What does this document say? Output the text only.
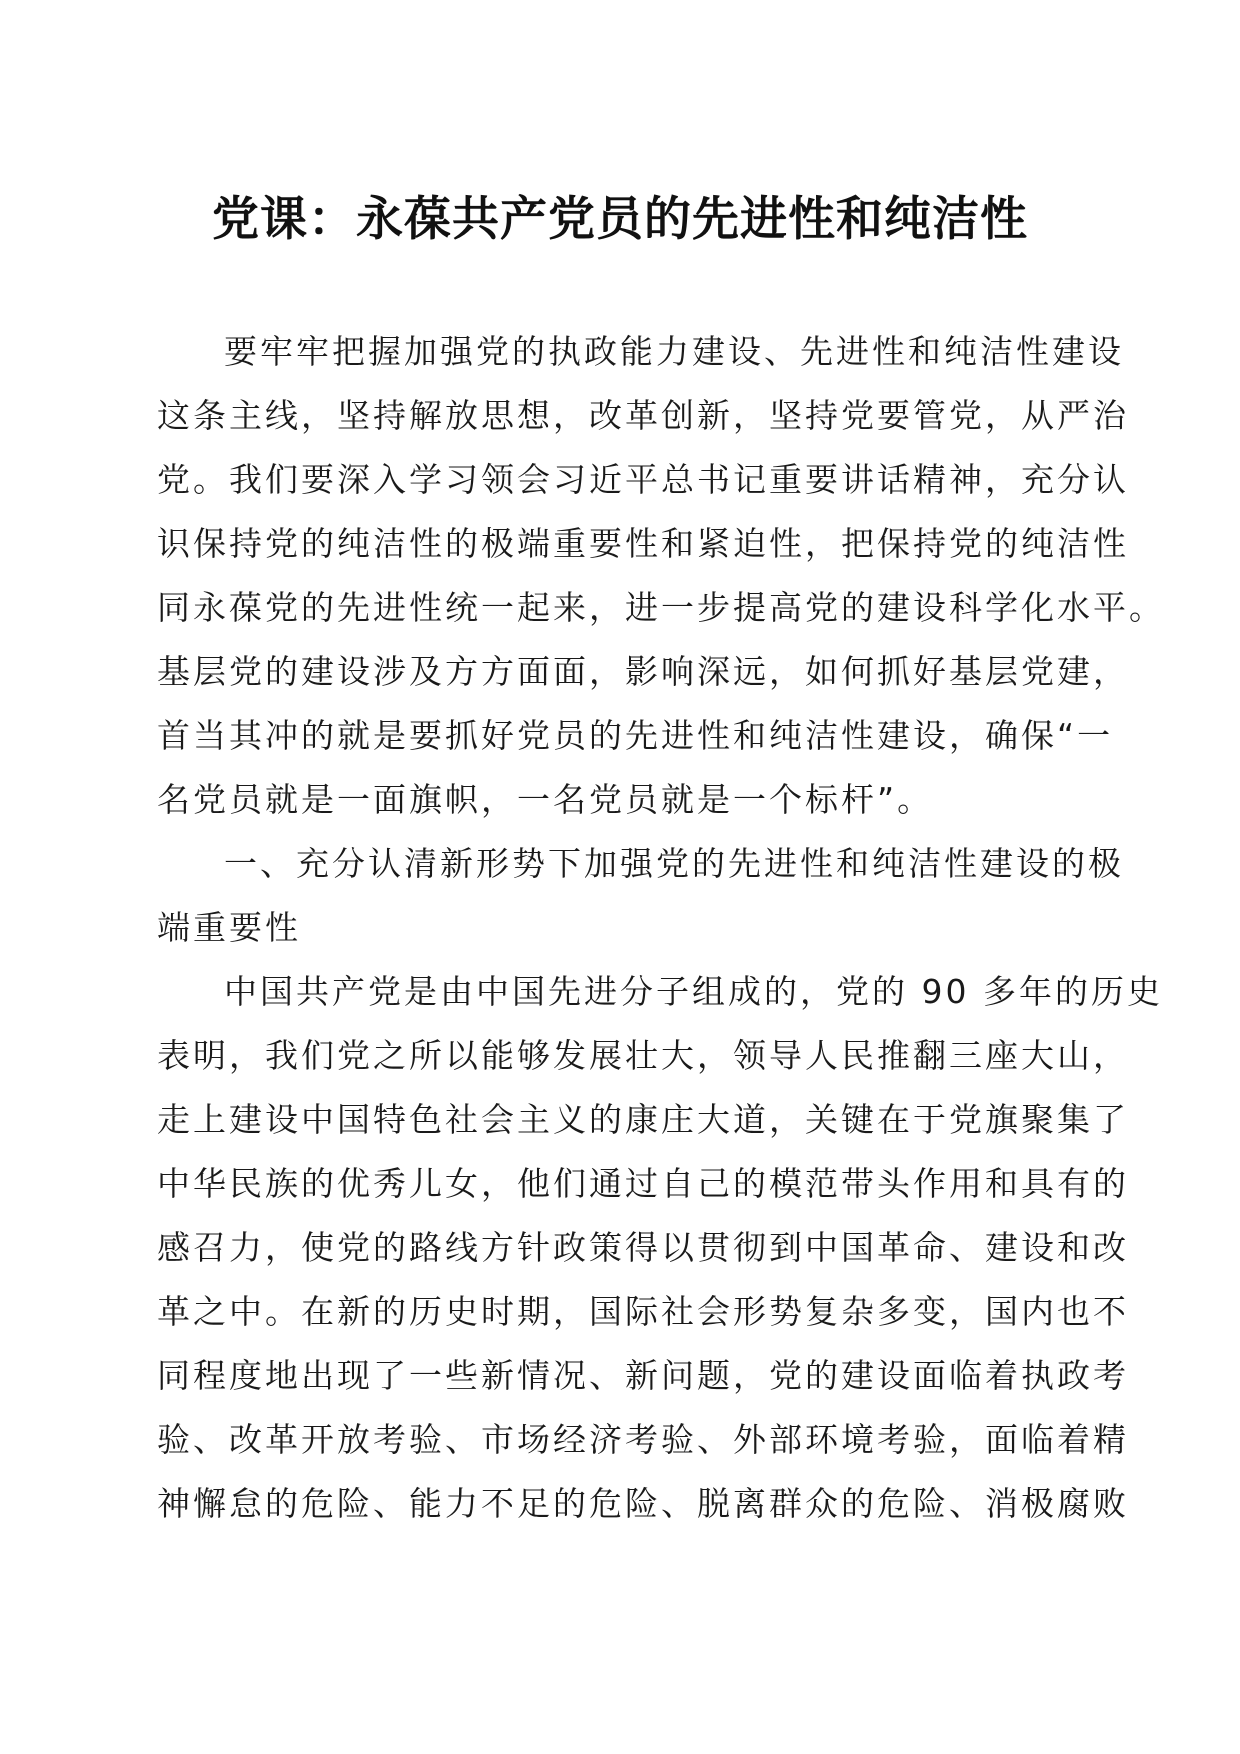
党课：永葆共产党员的先进性和纯洁性
要牢牢把握加强党的执政能力建设、先进性和纯洁性建设
这条主线，坚持解放思想，改革创新，坚持党要管党，从严治
党。我们要深入学习领会习近平总书记重要讲话精神，充分认
识保持党的纯洁性的极端重要性和紧迫性，把保持党的纯洁性
同永葆党的先进性统一起来，进一步提高党的建设科学化水平。
基层党的建设涉及方方面面，影响深远，如何抓好基层党建，
首当其冲的就是要抓好党员的先进性和纯洁性建设，确保“一
名党员就是一面旗帜，一名党员就是一个标杆”。
一、充分认清新形势下加强党的先进性和纯洁性建设的极
端重要性
中国共产党是由中国先进分子组成的，党的 90 多年的历史
表明，我们党之所以能够发展壮大，领导人民推翻三座大山，
走上建设中国特色社会主义的康庄大道，关键在于党旗聚集了
中华民族的优秀儿女，他们通过自己的模范带头作用和具有的
感召力，使党的路线方针政策得以贯彻到中国革命、建设和改
革之中。在新的历史时期，国际社会形势复杂多变，国内也不
同程度地出现了一些新情况、新问题，党的建设面临着执政考
验、改革开放考验、市场经济考验、外部环境考验，面临着精
神懈怠的危险、能力不足的危险、脱离群众的危险、消极腐败
